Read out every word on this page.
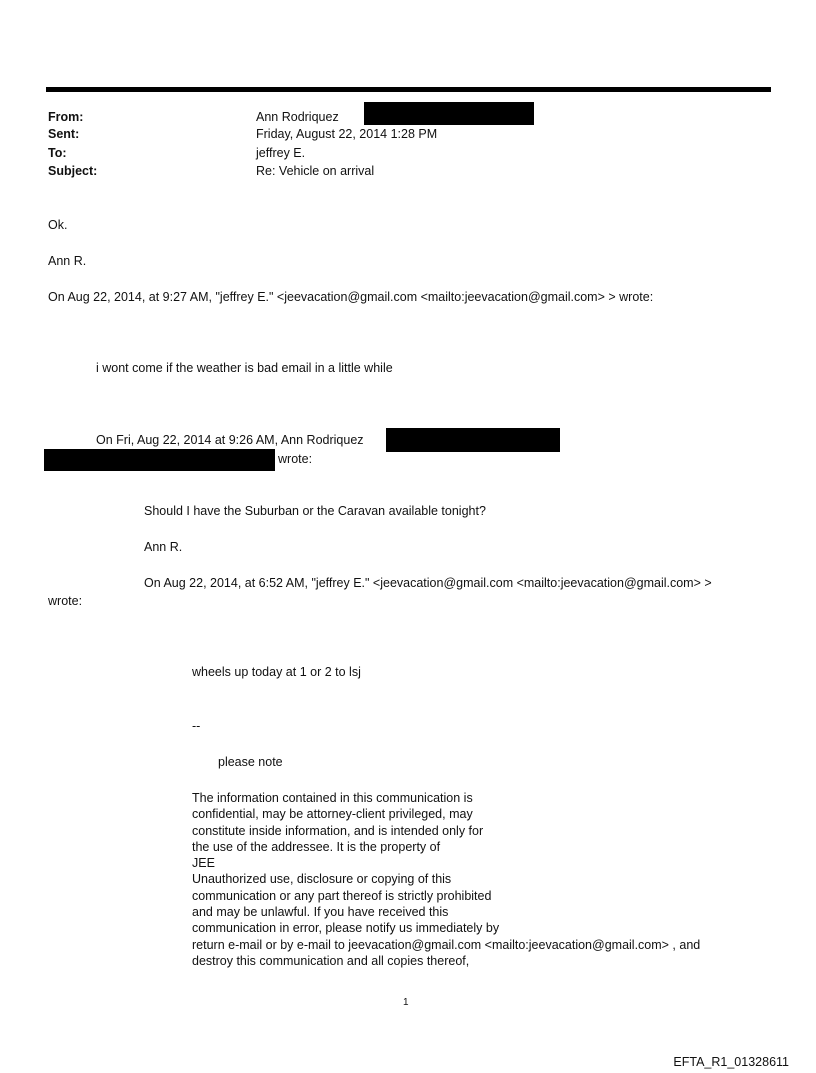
From:	Ann Rodriquez
Sent:	Friday, August 22, 2014 1:28 PM
To:	jeffrey E.
Subject:	Re: Vehicle on arrival
Ok.
Ann R.
On Aug 22, 2014, at 9:27 AM, "jeffrey E." <jeevacation@gmail.com <mailto:jeevacation@gmail.com> > wrote:
i wont come if the weather is bad email in a little while
On Fri, Aug 22, 2014 at 9:26 AM, Ann Rodriquez
wrote:
Should I have the Suburban or the Caravan available tonight?
Ann R.
On Aug 22, 2014, at 6:52 AM, "jeffrey E." <jeevacation@gmail.com <mailto:jeevacation@gmail.com> >
wrote:
wheels up today at 1 or 2 to lsj
--
please note
The information contained in this communication is
confidential, may be attorney-client privileged, may
constitute inside information, and is intended only for
the use of the addressee. It is the property of
JEE
Unauthorized use, disclosure or copying of this
communication or any part thereof is strictly prohibited
and may be unlawful. If you have received this
communication in error, please notify us immediately by
return e-mail or by e-mail to jeevacation@gmail.com <mailto:jeevacation@gmail.com> , and
destroy this communication and all copies thereof,
1
EFTA_R1_01328611
